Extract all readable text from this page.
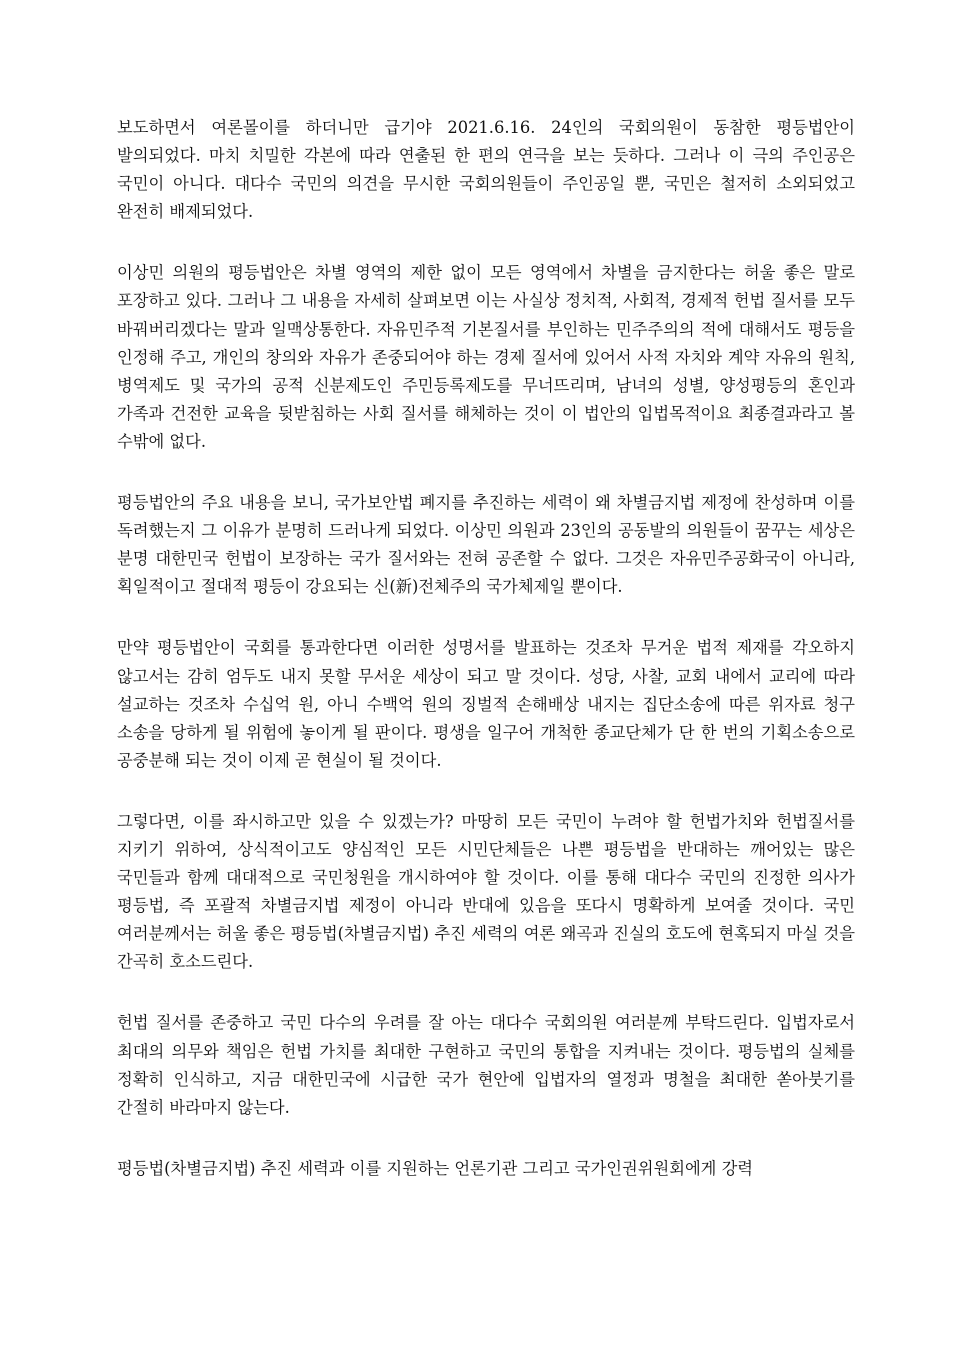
보도하면서 여론몰이를 하더니만 급기야 2021.6.16. 24인의 국회의원이 동참한 평등법안이 발의되었다. 마치 치밀한 각본에 따라 연출된 한 편의 연극을 보는 듯하다. 그러나 이 극의 주인공은 국민이 아니다. 대다수 국민의 의견을 무시한 국회의원들이 주인공일 뿐, 국민은 철저히 소외되었고 완전히 배제되었다.

이상민 의원의 평등법안은 차별 영역의 제한 없이 모든 영역에서 차별을 금지한다는 허울 좋은 말로 포장하고 있다. 그러나 그 내용을 자세히 살펴보면 이는 사실상 정치적, 사회적, 경제적 헌법 질서를 모두 바꿔버리겠다는 말과 일맥상통한다. 자유민주적 기본질서를 부인하는 민주주의의 적에 대해서도 평등을 인정해 주고, 개인의 창의와 자유가 존중되어야 하는 경제 질서에 있어서 사적 자치와 계약 자유의 원칙, 병역제도 및 국가의 공적 신분제도인 주민등록제도를 무너뜨리며, 남녀의 성별, 양성평등의 혼인과 가족과 건전한 교육을 뒷받침하는 사회 질서를 해체하는 것이 이 법안의 입법목적이요 최종결과라고 볼 수밖에 없다.

평등법안의 주요 내용을 보니, 국가보안법 폐지를 추진하는 세력이 왜 차별금지법 제정에 찬성하며 이를 독려했는지 그 이유가 분명히 드러나게 되었다. 이상민 의원과 23인의 공동발의 의원들이 꿈꾸는 세상은 분명 대한민국 헌법이 보장하는 국가 질서와는 전혀 공존할 수 없다. 그것은 자유민주공화국이 아니라, 획일적이고 절대적 평등이 강요되는 신(新)전체주의 국가체제일 뿐이다.

만약 평등법안이 국회를 통과한다면 이러한 성명서를 발표하는 것조차 무거운 법적 제재를 각오하지 않고서는 감히 엄두도 내지 못할 무서운 세상이 되고 말 것이다. 성당, 사찰, 교회 내에서 교리에 따라 설교하는 것조차 수십억 원, 아니 수백억 원의 징벌적 손해배상 내지는 집단소송에 따른 위자료 청구 소송을 당하게 될 위험에 놓이게 될 판이다. 평생을 일구어 개척한 종교단체가 단 한 번의 기획소송으로 공중분해 되는 것이 이제 곧 현실이 될 것이다.

그렇다면, 이를 좌시하고만 있을 수 있겠는가? 마땅히 모든 국민이 누려야 할 헌법가치와 헌법질서를 지키기 위하여, 상식적이고도 양심적인 모든 시민단체들은 나쁜 평등법을 반대하는 깨어있는 많은 국민들과 함께 대대적으로 국민청원을 개시하여야 할 것이다. 이를 통해 대다수 국민의 진정한 의사가 평등법, 즉 포괄적 차별금지법 제정이 아니라 반대에 있음을 또다시 명확하게 보여줄 것이다. 국민 여러분께서는 허울 좋은 평등법(차별금지법) 추진 세력의 여론 왜곡과 진실의 호도에 현혹되지 마실 것을 간곡히 호소드린다.

헌법 질서를 존중하고 국민 다수의 우려를 잘 아는 대다수 국회의원 여러분께 부탁드린다. 입법자로서 최대의 의무와 책임은 헌법 가치를 최대한 구현하고 국민의 통합을 지켜내는 것이다. 평등법의 실체를 정확히 인식하고, 지금 대한민국에 시급한 국가 현안에 입법자의 열정과 명철을 최대한 쏟아붓기를 간절히 바라마지 않는다.

평등법(차별금지법) 추진 세력과 이를 지원하는 언론기관 그리고 국가인권위원회에게 강력
